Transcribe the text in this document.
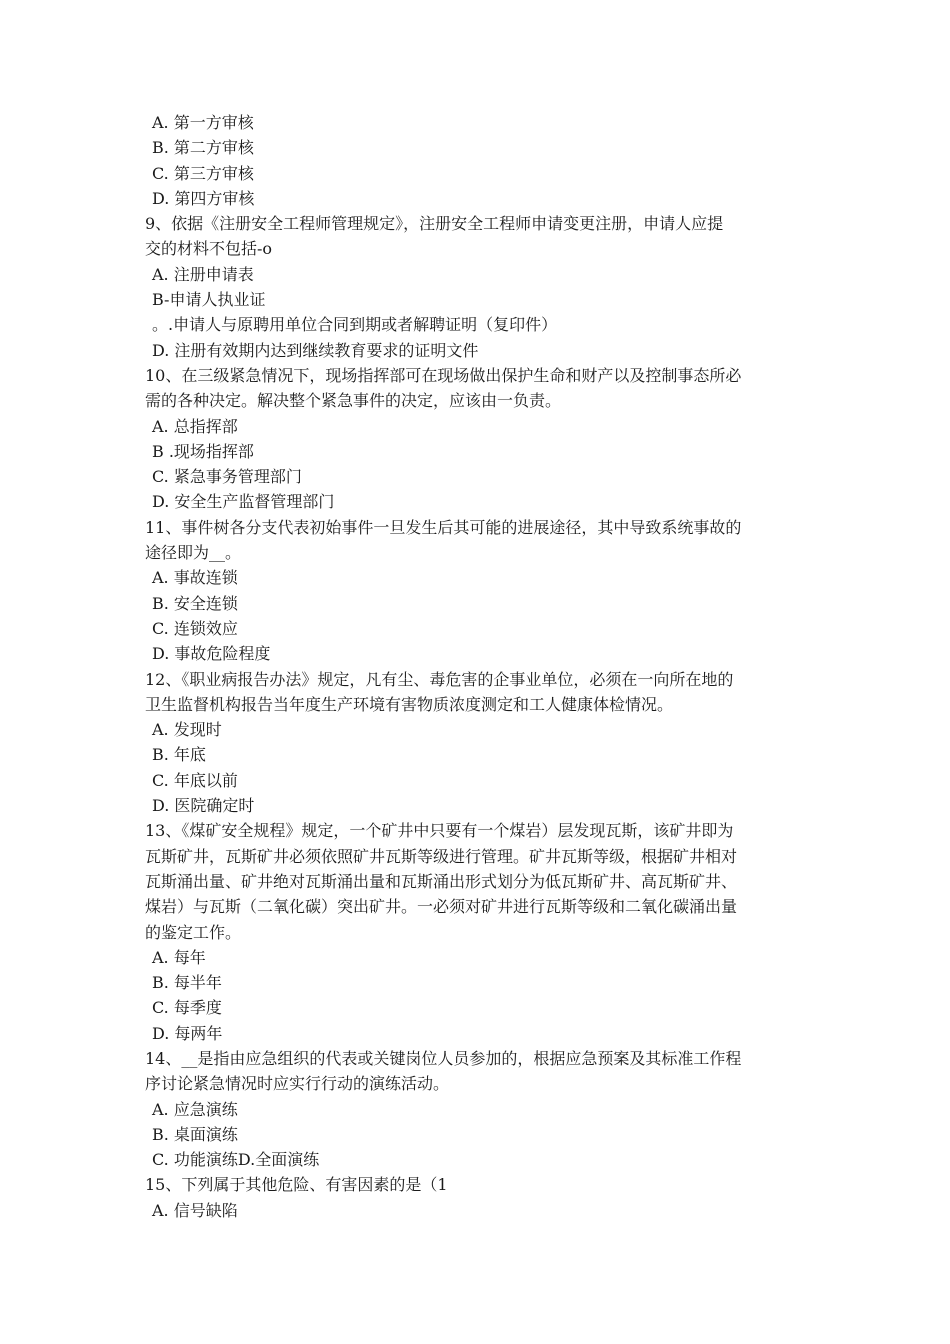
A. 第一方审核
B. 第二方审核
C. 第三方审核
D. 第四方审核
9、依据《注册安全工程师管理规定》，注册安全工程师申请变更注册，申请人应提
交的材料不包括-o
A. 注册申请表
B-申请人执业证
。.申请人与原聘用单位合同到期或者解聘证明（复印件）
D. 注册有效期内达到继续教育要求的证明文件
10、在三级紧急情况下，现场指挥部可在现场做出保护生命和财产以及控制事态所必
需的各种决定。解决整个紧急事件的决定，应该由一负责。
A. 总指挥部
B .现场指挥部
C. 紧急事务管理部门
D. 安全生产监督管理部门
11、事件树各分支代表初始事件一旦发生后其可能的进展途径，其中导致系统事故的
途径即为__。
A. 事故连锁
B. 安全连锁
C. 连锁效应
D. 事故危险程度
12、《职业病报告办法》规定，凡有尘、毒危害的企事业单位，必须在一向所在地的
卫生监督机构报告当年度生产环境有害物质浓度测定和工人健康体检情况。
A. 发现时
B. 年底
C. 年底以前
D. 医院确定时
13、《煤矿安全规程》规定，一个矿井中只要有一个煤岩）层发现瓦斯，该矿井即为
瓦斯矿井，瓦斯矿井必须依照矿井瓦斯等级进行管理。矿井瓦斯等级，根据矿井相对
瓦斯涌出量、矿井绝对瓦斯涌出量和瓦斯涌出形式划分为低瓦斯矿井、高瓦斯矿井、
煤岩）与瓦斯（二氧化碳）突出矿井。一必须对矿井进行瓦斯等级和二氧化碳涌出量
的鉴定工作。
A. 每年
B. 每半年
C. 每季度
D. 每两年
14、__是指由应急组织的代表或关键岗位人员参加的，根据应急预案及其标准工作程
序讨论紧急情况时应实行行动的演练活动。
A. 应急演练
B. 桌面演练
C. 功能演练D.全面演练
15、下列属于其他危险、有害因素的是（1
A. 信号缺陷
